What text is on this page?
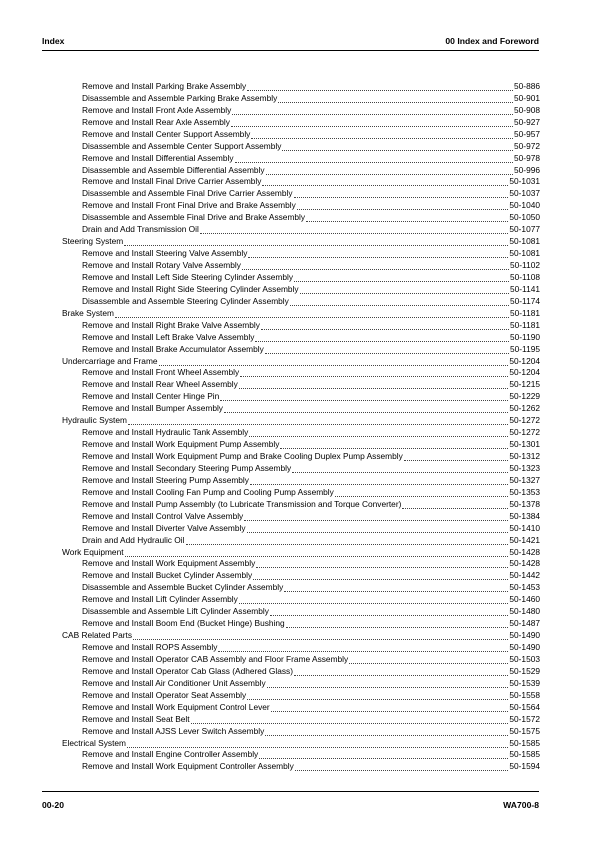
Index	00 Index and Foreword
Remove and Install Parking Brake Assembly	50-886
Disassemble and Assemble Parking Brake Assembly	50-901
Remove and Install Front Axle Assembly	50-908
Remove and Install Rear Axle Assembly	50-927
Remove and Install Center Support Assembly	50-957
Disassemble and Assemble Center Support Assembly	50-972
Remove and Install Differential Assembly	50-978
Disassemble and Assemble Differential Assembly	50-996
Remove and Install Final Drive Carrier Assembly	50-1031
Disassemble and Assemble Final Drive Carrier Assembly	50-1037
Remove and Install Front Final Drive and Brake Assembly	50-1040
Disassemble and Assemble Final Drive and Brake Assembly	50-1050
Drain and Add Transmission Oil	50-1077
Steering System	50-1081
Remove and Install Steering Valve Assembly	50-1081
Remove and Install Rotary Valve Assembly	50-1102
Remove and Install Left Side Steering Cylinder Assembly	50-1108
Remove and Install Right Side Steering Cylinder Assembly	50-1141
Disassemble and Assemble Steering Cylinder Assembly	50-1174
Brake System	50-1181
Remove and Install Right Brake Valve Assembly	50-1181
Remove and Install Left Brake Valve Assembly	50-1190
Remove and Install Brake Accumulator Assembly	50-1195
Undercarriage and Frame	50-1204
Remove and Install Front Wheel Assembly	50-1204
Remove and Install Rear Wheel Assembly	50-1215
Remove and Install Center Hinge Pin	50-1229
Remove and Install Bumper Assembly	50-1262
Hydraulic System	50-1272
Remove and Install Hydraulic Tank Assembly	50-1272
Remove and Install Work Equipment Pump Assembly	50-1301
Remove and Install Work Equipment Pump and Brake Cooling Duplex Pump Assembly	50-1312
Remove and Install Secondary Steering Pump Assembly	50-1323
Remove and Install Steering Pump Assembly	50-1327
Remove and Install Cooling Fan Pump and Cooling Pump Assembly	50-1353
Remove and Install Pump Assembly (to Lubricate Transmission and Torque Converter)	50-1378
Remove and Install Control Valve Assembly	50-1384
Remove and Install Diverter Valve Assembly	50-1410
Drain and Add Hydraulic Oil	50-1421
Work Equipment	50-1428
Remove and Install Work Equipment Assembly	50-1428
Remove and Install Bucket Cylinder Assembly	50-1442
Disassemble and Assemble Bucket Cylinder Assembly	50-1453
Remove and Install Lift Cylinder Assembly	50-1460
Disassemble and Assemble Lift Cylinder Assembly	50-1480
Remove and Install Boom End (Bucket Hinge) Bushing	50-1487
CAB Related Parts	50-1490
Remove and Install ROPS Assembly	50-1490
Remove and Install Operator CAB Assembly and Floor Frame Assembly	50-1503
Remove and Install Operator Cab Glass (Adhered Glass)	50-1529
Remove and Install Air Conditioner Unit Assembly	50-1539
Remove and Install Operator Seat Assembly	50-1558
Remove and Install Work Equipment Control Lever	50-1564
Remove and Install Seat Belt	50-1572
Remove and Install AJSS Lever Switch Assembly	50-1575
Electrical System	50-1585
Remove and Install Engine Controller Assembly	50-1585
Remove and Install Work Equipment Controller Assembly	50-1594
00-20	WA700-8
